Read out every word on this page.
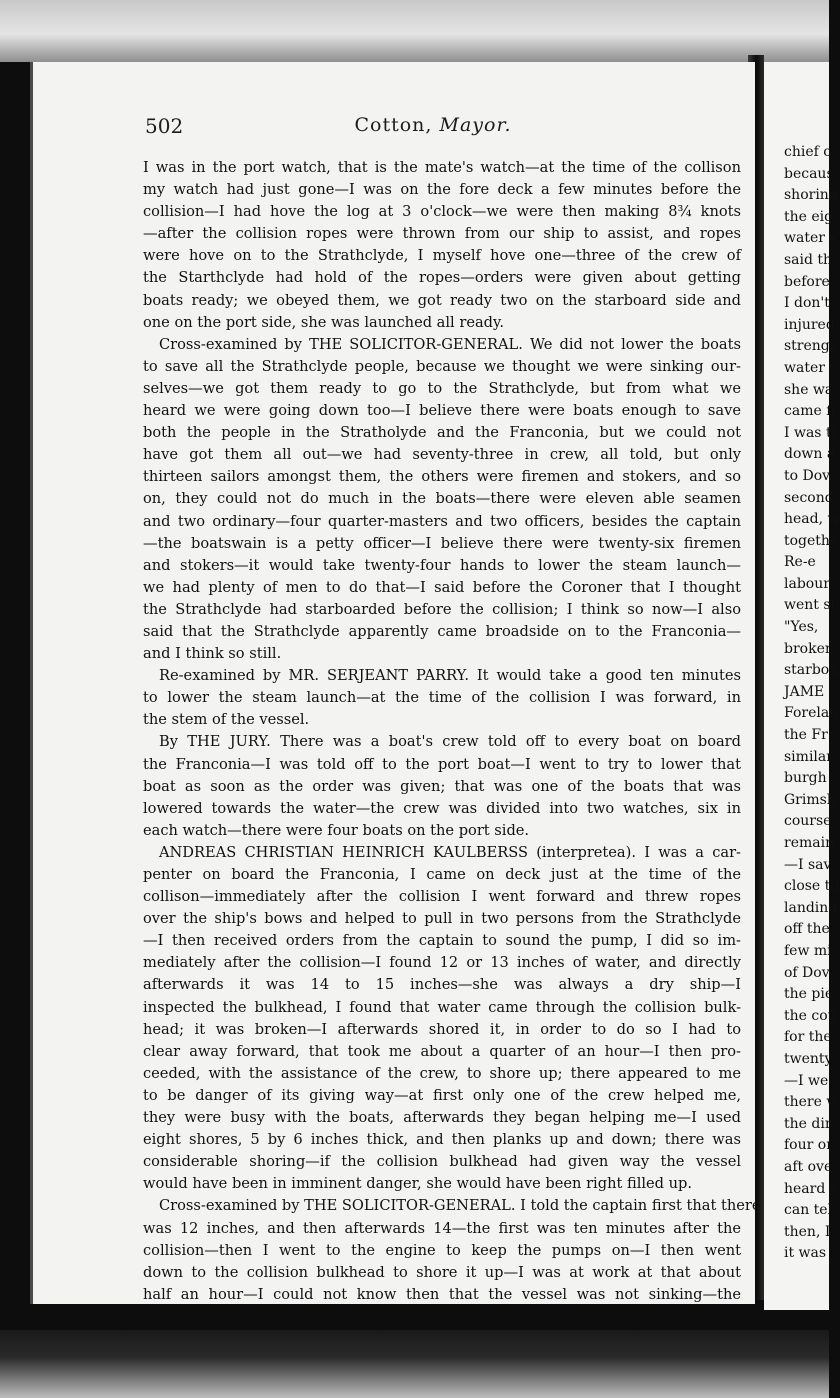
502	Cotton, Mayor.
I was in the port watch, that is the mate's watch—at the time of the collison
my watch had just gone—I was on the fore deck a few minutes before the
collision—I had hove the log at 3 o'clock—we were then making 8¾ knots
—after the collision ropes were thrown from our ship to assist, and ropes
were hove on to the Strathclyde, I myself hove one—three of the crew of
the Starthclyde had hold of the ropes—orders were given about getting
boats ready; we obeyed them, we got ready two on the starboard side and
one on the port side, she was launched all ready.
Cross-examined by THE SOLICITOR-GENERAL. We did not lower the boats
to save all the Strathclyde people, because we thought we were sinking our-
selves—we got them ready to go to the Strathclyde, but from what we
heard we were going down too—I believe there were boats enough to save
both the people in the Stratholyde and the Franconia, but we could not
have got them all out—we had seventy-three in crew, all told, but only
thirteen sailors amongst them, the others were firemen and stokers, and so
on, they could not do much in the boats—there were eleven able seamen
and two ordinary—four quarter-masters and two officers, besides the captain
—the boatswain is a petty officer—I believe there were twenty-six firemen
and stokers—it would take twenty-four hands to lower the steam launch—
we had plenty of men to do that—I said before the Coroner that I thought
the Strathclyde had starboarded before the collision; I think so now—I also
said that the Strathclyde apparently came broadside on to the Franconia—
and I think so still.
Re-examined by MR. SERJEANT PARRY. It would take a good ten minutes
to lower the steam launch—at the time of the collision I was forward, in
the stem of the vessel.
By THE JURY. There was a boat's crew told off to every boat on board
the Franconia—I was told off to the port boat—I went to try to lower that
boat as soon as the order was given; that was one of the boats that was
lowered towards the water—the crew was divided into two watches, six in
each watch—there were four boats on the port side.
ANDREAS CHRISTIAN HEINRICH KAULBERSS (interpretea). I was a car-
penter on board the Franconia, I came on deck just at the time of the
collison—immediately after the collision I went forward and threw ropes
over the ship's bows and helped to pull in two persons from the Strathclyde
—I then received orders from the captain to sound the pump, I did so im-
mediately after the collision—I found 12 or 13 inches of water, and directly
afterwards it was 14 to 15 inches—she was always a dry ship—I
inspected the bulkhead, I found that water came through the collision bulk-
head; it was broken—I afterwards shored it, in order to do so I had to
clear away forward, that took me about a quarter of an hour—I then pro-
ceeded, with the assistance of the crew, to shore up; there appeared to me
to be danger of its giving way—at first only one of the crew helped me,
they were busy with the boats, afterwards they began helping me—I used
eight shores, 5 by 6 inches thick, and then planks up and down; there was
considerable shoring—if the collision bulkhead had given way the vessel
would have been in imminent danger, she would have been right filled up.
Cross-examined by THE SOLICITOR-GENERAL. I told the captain first that there
was 12 inches, and then afterwards 14—the first was ten minutes after the
collision—then I went to the engine to keep the pumps on—I then went
down to the collision bulkhead to shore it up—I was at work at that about
half an hour—I could not know then that the vessel was not sinking—the
chief o
becaus
shoring
the eig
water v
said th
before
I don't
injured
strengt
water c
she wa
came fi
I was tl
down a
to Dov
second
head, w
togethe
Re-e
labour,
went sl
"Yes,
broken
starboa
JAME
Forelan
the Fr
similar
burgh
Grimsb
course
remain
—I sav
close to
landing
off the
few mi
of Dov
the pie
the cou
for the
twenty-
—I we
there w
the dir
four or
aft ove
heard t
can tel
then, I
it was
